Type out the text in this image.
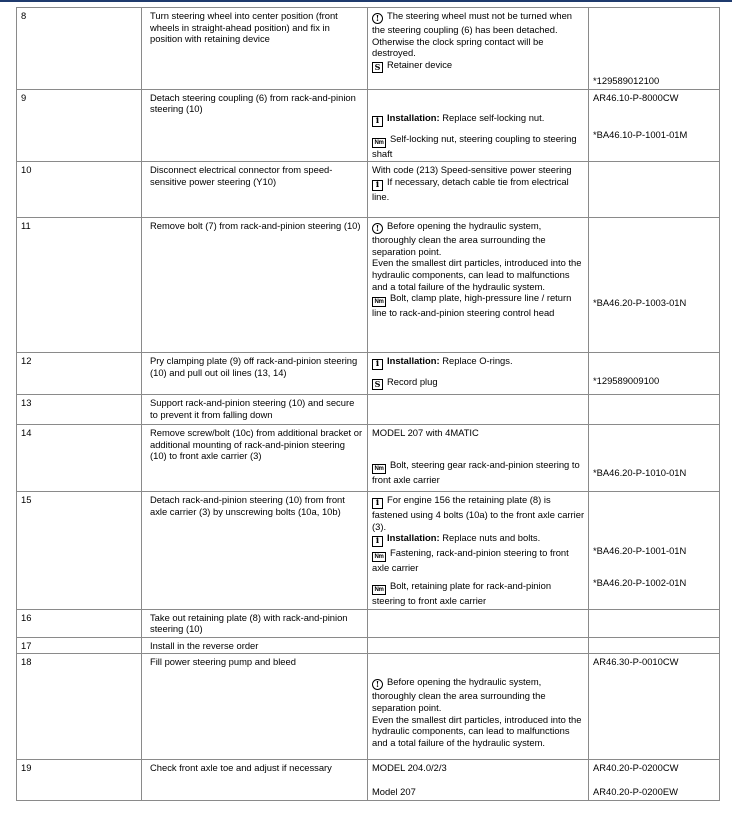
8	Turn steering wheel into center position (front wheels in straight-ahead position) and fix in position with retaining device	! The steering wheel must not be turned when the steering coupling (6) has been detached.
Otherwise the clock spring contact will be destroyed.
S Retainer device	*129589012100

9	Detach steering coupling (6) from rack-and-pinion steering (10)	i Installation: Replace self-locking nut.
Nm Self-locking nut, steering coupling to steering shaft	AR46.10-P-8000CW
*BA46.10-P-1001-01M

10	Disconnect electrical connector from speed-sensitive power steering (Y10)	With code (213) Speed-sensitive power steering
i If necessary, detach cable tie from electrical line.	

11	Remove bolt (7) from rack-and-pinion steering (10)	! Before opening the hydraulic system, thoroughly clean the area surrounding the separation point.
Even the smallest dirt particles, introduced into the hydraulic components, can lead to malfunctions and a total failure of the hydraulic system.
Nm Bolt, clamp plate, high-pressure line / return line to rack-and-pinion steering control head	*BA46.20-P-1003-01N

12	Pry clamping plate (9) off rack-and-pinion steering (10) and pull out oil lines (13, 14)	i Installation: Replace O-rings.
S Record plug	*129589009100

13	Support rack-and-pinion steering (10) and secure to prevent it from falling down		
14	Remove screw/bolt (10c) from additional bracket or additional mounting of rack-and-pinion steering (10) to front axle carrier (3)	MODEL 207 with 4MATIC
Nm Bolt, steering gear rack-and-pinion steering to front axle carrier	*BA46.20-P-1010-01N

15	Detach rack-and-pinion steering (10) from front axle carrier (3) by unscrewing bolts (10a, 10b)	i For engine 156 the retaining plate (8) is fastened using 4 bolts (10a) to the front axle carrier (3).
i Installation: Replace nuts and bolts.
Nm Fastening, rack-and-pinion steering to front axle carrier
Nm Bolt, retaining plate for rack-and-pinion steering to front axle carrier	*BA46.20-P-1001-01N
*BA46.20-P-1002-01N

16	Take out retaining plate (8) with rack-and-pinion steering (10)		
17	Install in the reverse order		
18	Fill power steering pump and bleed	! Before opening the hydraulic system, thoroughly clean the area surrounding the separation point.
Even the smallest dirt particles, introduced into the hydraulic components, can lead to malfunctions and a total failure of the hydraulic system.	AR46.30-P-0010CW

19	Check front axle toe and adjust if necessary	MODEL 204.0/2/3
Model 207	AR40.20-P-0200CW
AR40.20-P-0200EW
